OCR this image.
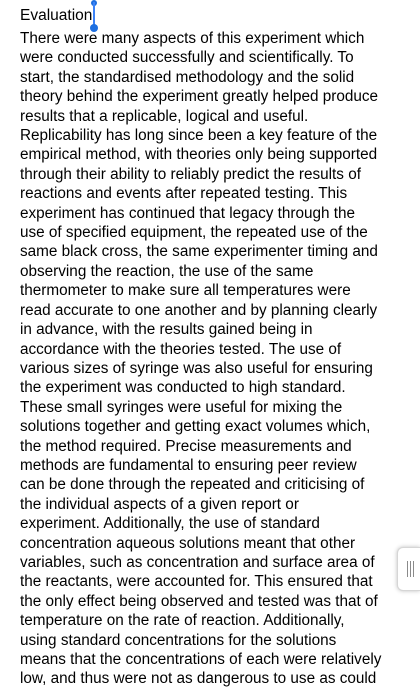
Evaluation
There were many aspects of this experiment which
were conducted successfully and scientifically. To
start, the standardised methodology and the solid
theory behind the experiment greatly helped produce
results that a replicable, logical and useful.
Replicability has long since been a key feature of the
empirical method, with theories only being supported
through their ability to reliably predict the results of
reactions and events after repeated testing. This
experiment has continued that legacy through the
use of specified equipment, the repeated use of the
same black cross, the same experimenter timing and
observing the reaction, the use of the same
thermometer to make sure all temperatures were
read accurate to one another and by planning clearly
in advance, with the results gained being in
accordance with the theories tested. The use of
various sizes of syringe was also useful for ensuring
the experiment was conducted to high standard.
These small syringes were useful for mixing the
solutions together and getting exact volumes which,
the method required. Precise measurements and
methods are fundamental to ensuring peer review
can be done through the repeated and criticising of
the individual aspects of a given report or
experiment. Additionally, the use of standard
concentration aqueous solutions meant that other
variables, such as concentration and surface area of
the reactants, were accounted for. This ensured that
the only effect being observed and tested was that of
temperature on the rate of reaction. Additionally,
using standard concentrations for the solutions
means that the concentrations of each were relatively
low, and thus were not as dangerous to use as could
